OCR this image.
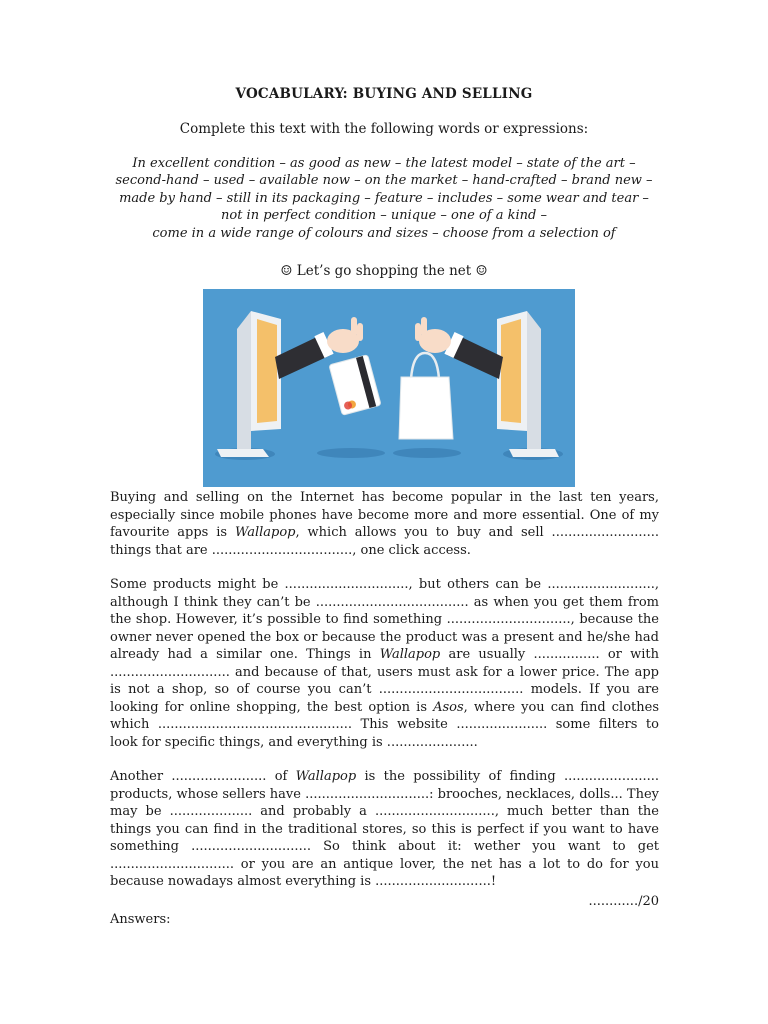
VOCABULARY: BUYING AND SELLING
Complete this text with the following words or expressions:
In excellent condition – as good as new – the latest model – state of the art –
second-hand – used – available now – on the market – hand-crafted – brand new –
made by hand – still in its packaging – feature – includes – some wear and tear –
not in perfect condition – unique – one of a kind –
come in a wide range of colours and sizes – choose from a selection of
☺ Let’s go shopping the net ☺

Buying and selling on the Internet has become popular in the last ten years, especially since mobile phones have become more and more essential. One of my favourite apps is Wallapop, which allows you to buy and sell .......................... things that are .................................., one click access.

Some products might be .............................., but others can be .........................., although I think they can’t be ..................................... as when you get them from the shop. However, it’s possible to find something .............................., because the owner never opened the box or because the product was a present and he/she had already had a similar one. Things in Wallapop are usually ................ or with ............................. and because of that, users must ask for a lower price. The app is not a shop, so of course you can’t ................................... models. If you are looking for online shopping, the best option is Asos, where you can find clothes which ............................................... This website ...................... some filters to look for specific things, and everything is ......................

Another ....................... of Wallapop is the possibility of finding ....................... products, whose sellers have ..............................: brooches, necklaces, dolls... They may be .................... and probably a ............................., much better than the things you can find in the traditional stores, so this is perfect if you want to have something ............................. So think about it: wether you want to get .............................. or you are an antique lover, the net has a lot to do for you because nowadays almost everything is ............................!

............/20
Answers:
